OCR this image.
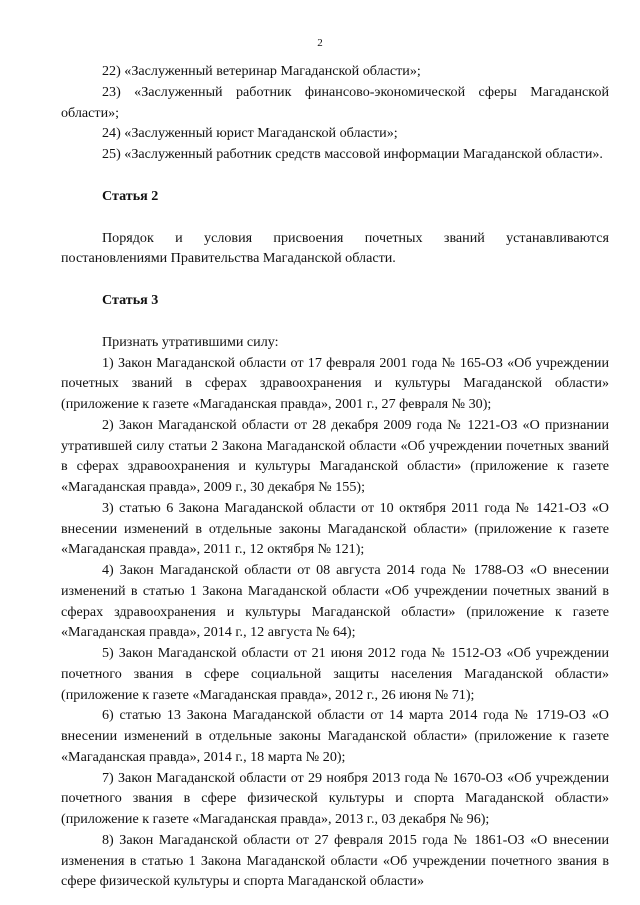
2

22) «Заслуженный ветеринар Магаданской области»;

23) «Заслуженный работник финансово-экономической сферы Магаданской области»;

24) «Заслуженный юрист Магаданской области»;

25) «Заслуженный работник средств массовой информации Магаданской области».

Статья 2

Порядок и условия присвоения почетных званий устанавливаются постановлениями Правительства Магаданской области.

Статья 3

Признать утратившими силу:

1) Закон Магаданской области от 17 февраля 2001 года № 165-ОЗ «Об учреждении почетных званий в сферах здравоохранения и культуры Магаданской области» (приложение к газете «Магаданская правда», 2001 г., 27 февраля № 30);

2) Закон Магаданской области от 28 декабря 2009 года № 1221-ОЗ «О признании утратившей силу статьи 2 Закона Магаданской области «Об учреждении почетных званий в сферах здравоохранения и культуры Магаданской области» (приложение к газете «Магаданская правда», 2009 г., 30 декабря № 155);

3) статью 6 Закона Магаданской области от 10 октября 2011 года № 1421-ОЗ «О внесении изменений в отдельные законы Магаданской области» (приложение к газете «Магаданская правда», 2011 г., 12 октября № 121);

4) Закон Магаданской области от 08 августа 2014 года № 1788-ОЗ «О внесении изменений в статью 1 Закона Магаданской области «Об учреждении почетных званий в сферах здравоохранения и культуры Магаданской области» (приложение к газете «Магаданская правда», 2014 г., 12 августа № 64);

5) Закон Магаданской области от 21 июня 2012 года № 1512-ОЗ «Об учреждении почетного звания в сфере социальной защиты населения Магаданской области» (приложение к газете «Магаданская правда», 2012 г., 26 июня № 71);

6) статью 13 Закона Магаданской области от 14 марта 2014 года № 1719-ОЗ «О внесении изменений в отдельные законы Магаданской области» (приложение к газете «Магаданская правда», 2014 г., 18 марта № 20);

7) Закон Магаданской области от 29 ноября 2013 года № 1670-ОЗ «Об учреждении почетного звания в сфере физической культуры и спорта Магаданской области» (приложение к газете «Магаданская правда», 2013 г., 03 декабря № 96);

8) Закон Магаданской области от 27 февраля 2015 года № 1861-ОЗ «О внесении изменения в статью 1 Закона Магаданской области «Об учреждении почетного звания в сфере физической культуры и спорта Магаданской области»
